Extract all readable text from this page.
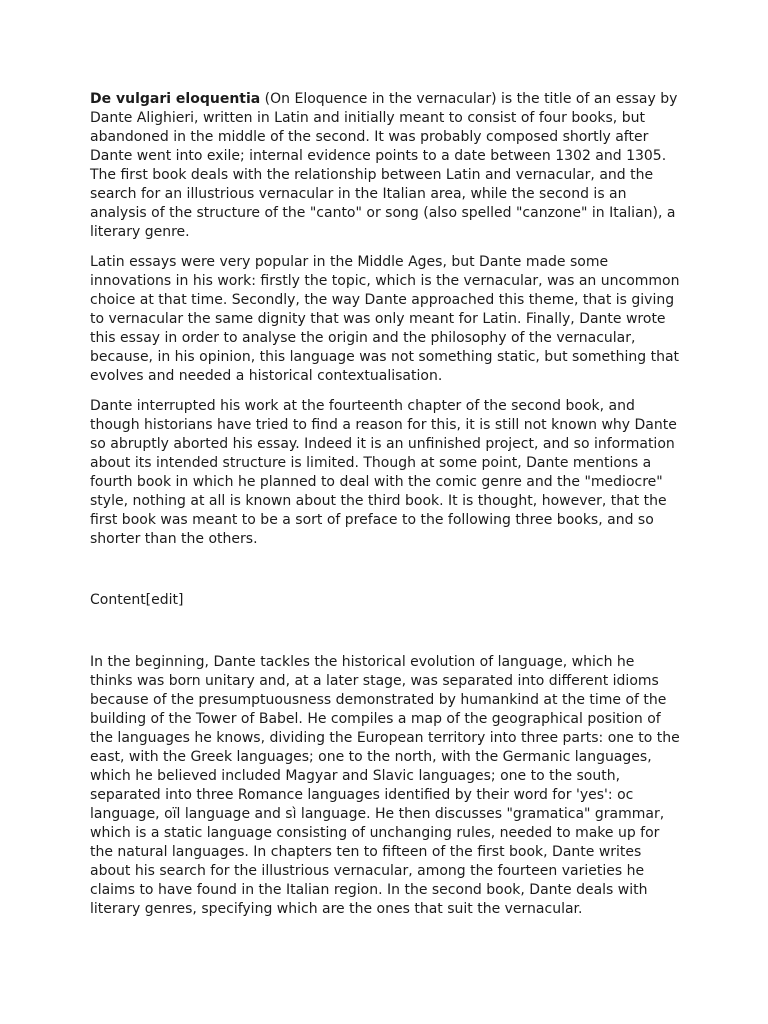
De vulgari eloquentia (On Eloquence in the vernacular) is the title of an essay by Dante Alighieri, written in Latin and initially meant to consist of four books, but abandoned in the middle of the second. It was probably composed shortly after Dante went into exile; internal evidence points to a date between 1302 and 1305. The first book deals with the relationship between Latin and vernacular, and the search for an illustrious vernacular in the Italian area, while the second is an analysis of the structure of the "canto" or song (also spelled "canzone" in Italian), a literary genre.

Latin essays were very popular in the Middle Ages, but Dante made some innovations in his work: firstly the topic, which is the vernacular, was an uncommon choice at that time. Secondly, the way Dante approached this theme, that is giving to vernacular the same dignity that was only meant for Latin. Finally, Dante wrote this essay in order to analyse the origin and the philosophy of the vernacular, because, in his opinion, this language was not something static, but something that evolves and needed a historical contextualisation.

Dante interrupted his work at the fourteenth chapter of the second book, and though historians have tried to find a reason for this, it is still not known why Dante so abruptly aborted his essay. Indeed it is an unfinished project, and so information about its intended structure is limited. Though at some point, Dante mentions a fourth book in which he planned to deal with the comic genre and the "mediocre" style, nothing at all is known about the third book. It is thought, however, that the first book was meant to be a sort of preface to the following three books, and so shorter than the others.

Content[edit]

In the beginning, Dante tackles the historical evolution of language, which he thinks was born unitary and, at a later stage, was separated into different idioms because of the presumptuousness demonstrated by humankind at the time of the building of the Tower of Babel. He compiles a map of the geographical position of the languages he knows, dividing the European territory into three parts: one to the east, with the Greek languages; one to the north, with the Germanic languages, which he believed included Magyar and Slavic languages; one to the south, separated into three Romance languages identified by their word for 'yes': oc language, oïl language and sì language. He then discusses "gramatica" grammar, which is a static language consisting of unchanging rules, needed to make up for the natural languages. In chapters ten to fifteen of the first book, Dante writes about his search for the illustrious vernacular, among the fourteen varieties he claims to have found in the Italian region. In the second book, Dante deals with literary genres, specifying which are the ones that suit the vernacular.
